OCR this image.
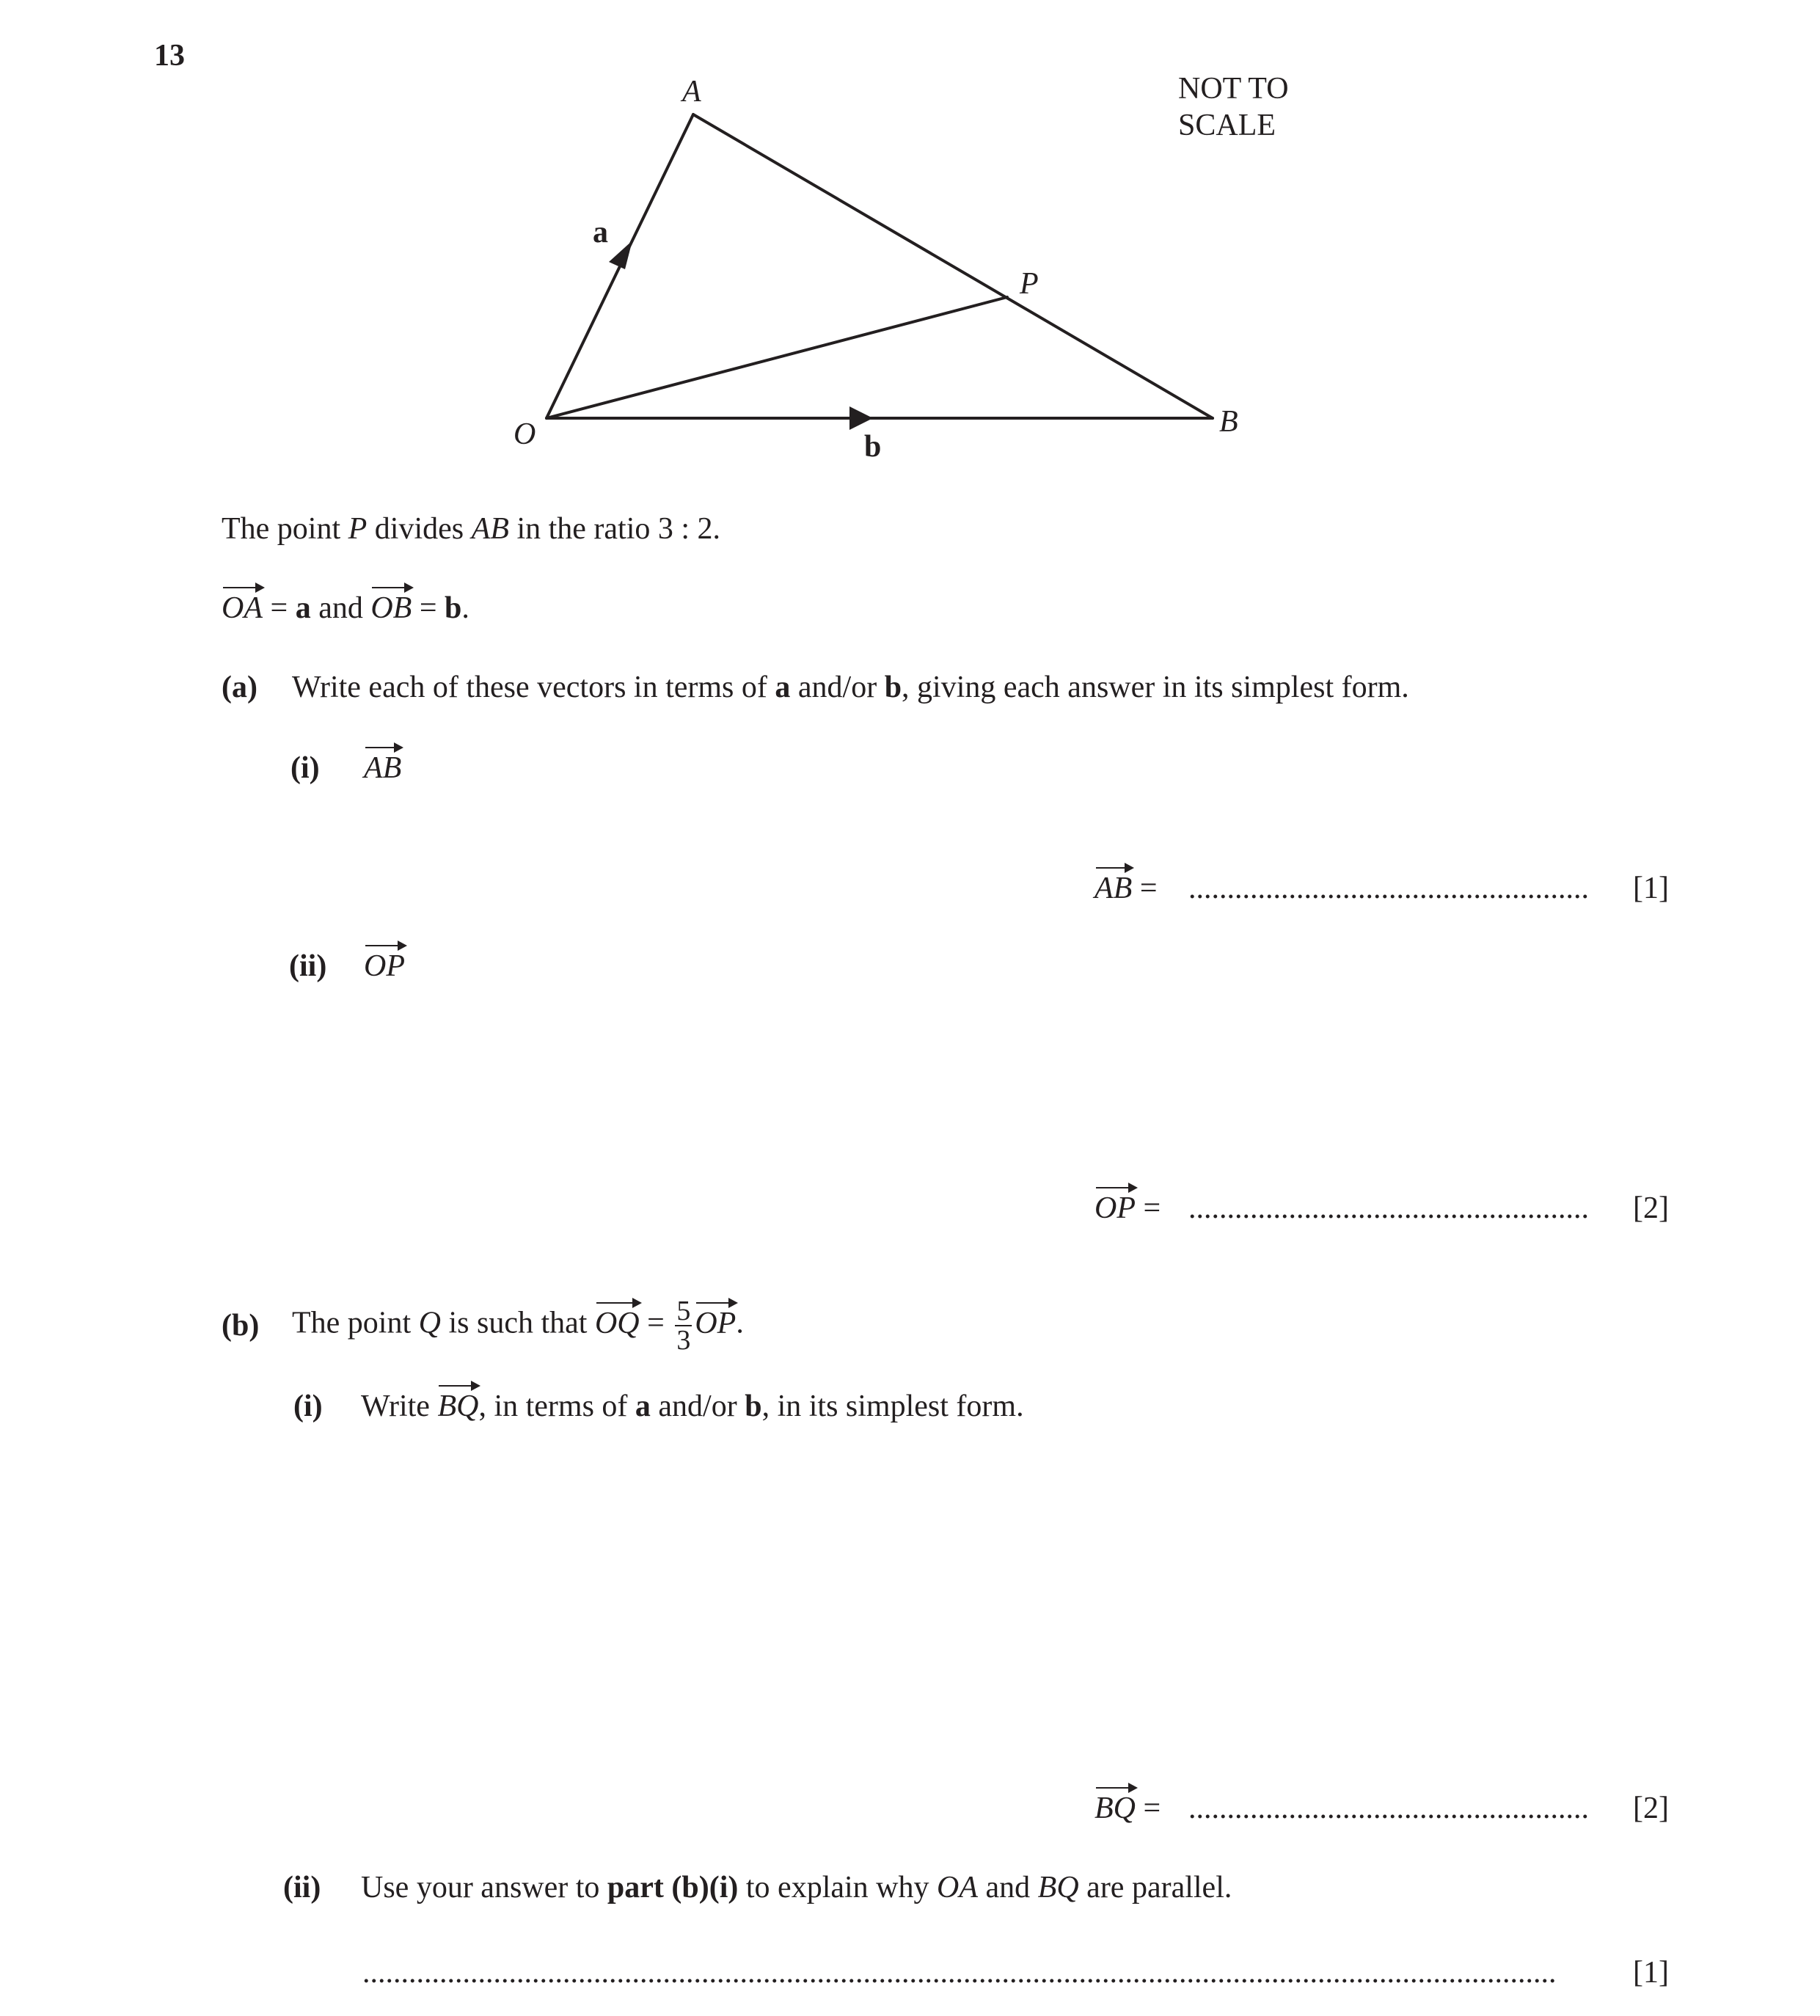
13
A
P
B
O
a
b
NOT TO
SCALE
The point P divides AB in the ratio 3 : 2.
OA = a and OB = b.
(a) Write each of these vectors in terms of a and/or b, giving each answer in its simplest form.
(i) AB
AB = .................................................... [1]
(ii) OP
OP = .................................................... [2]
(b) The point Q is such that OQ = $\frac{5}{3}$ OP.
(i) Write BQ, in terms of a and/or b, in its simplest form.
BQ = .................................................... [2]
(ii) Use your answer to part (b)(i) to explain why OA and BQ are parallel.
...........................................................................................................................................................	[1]
